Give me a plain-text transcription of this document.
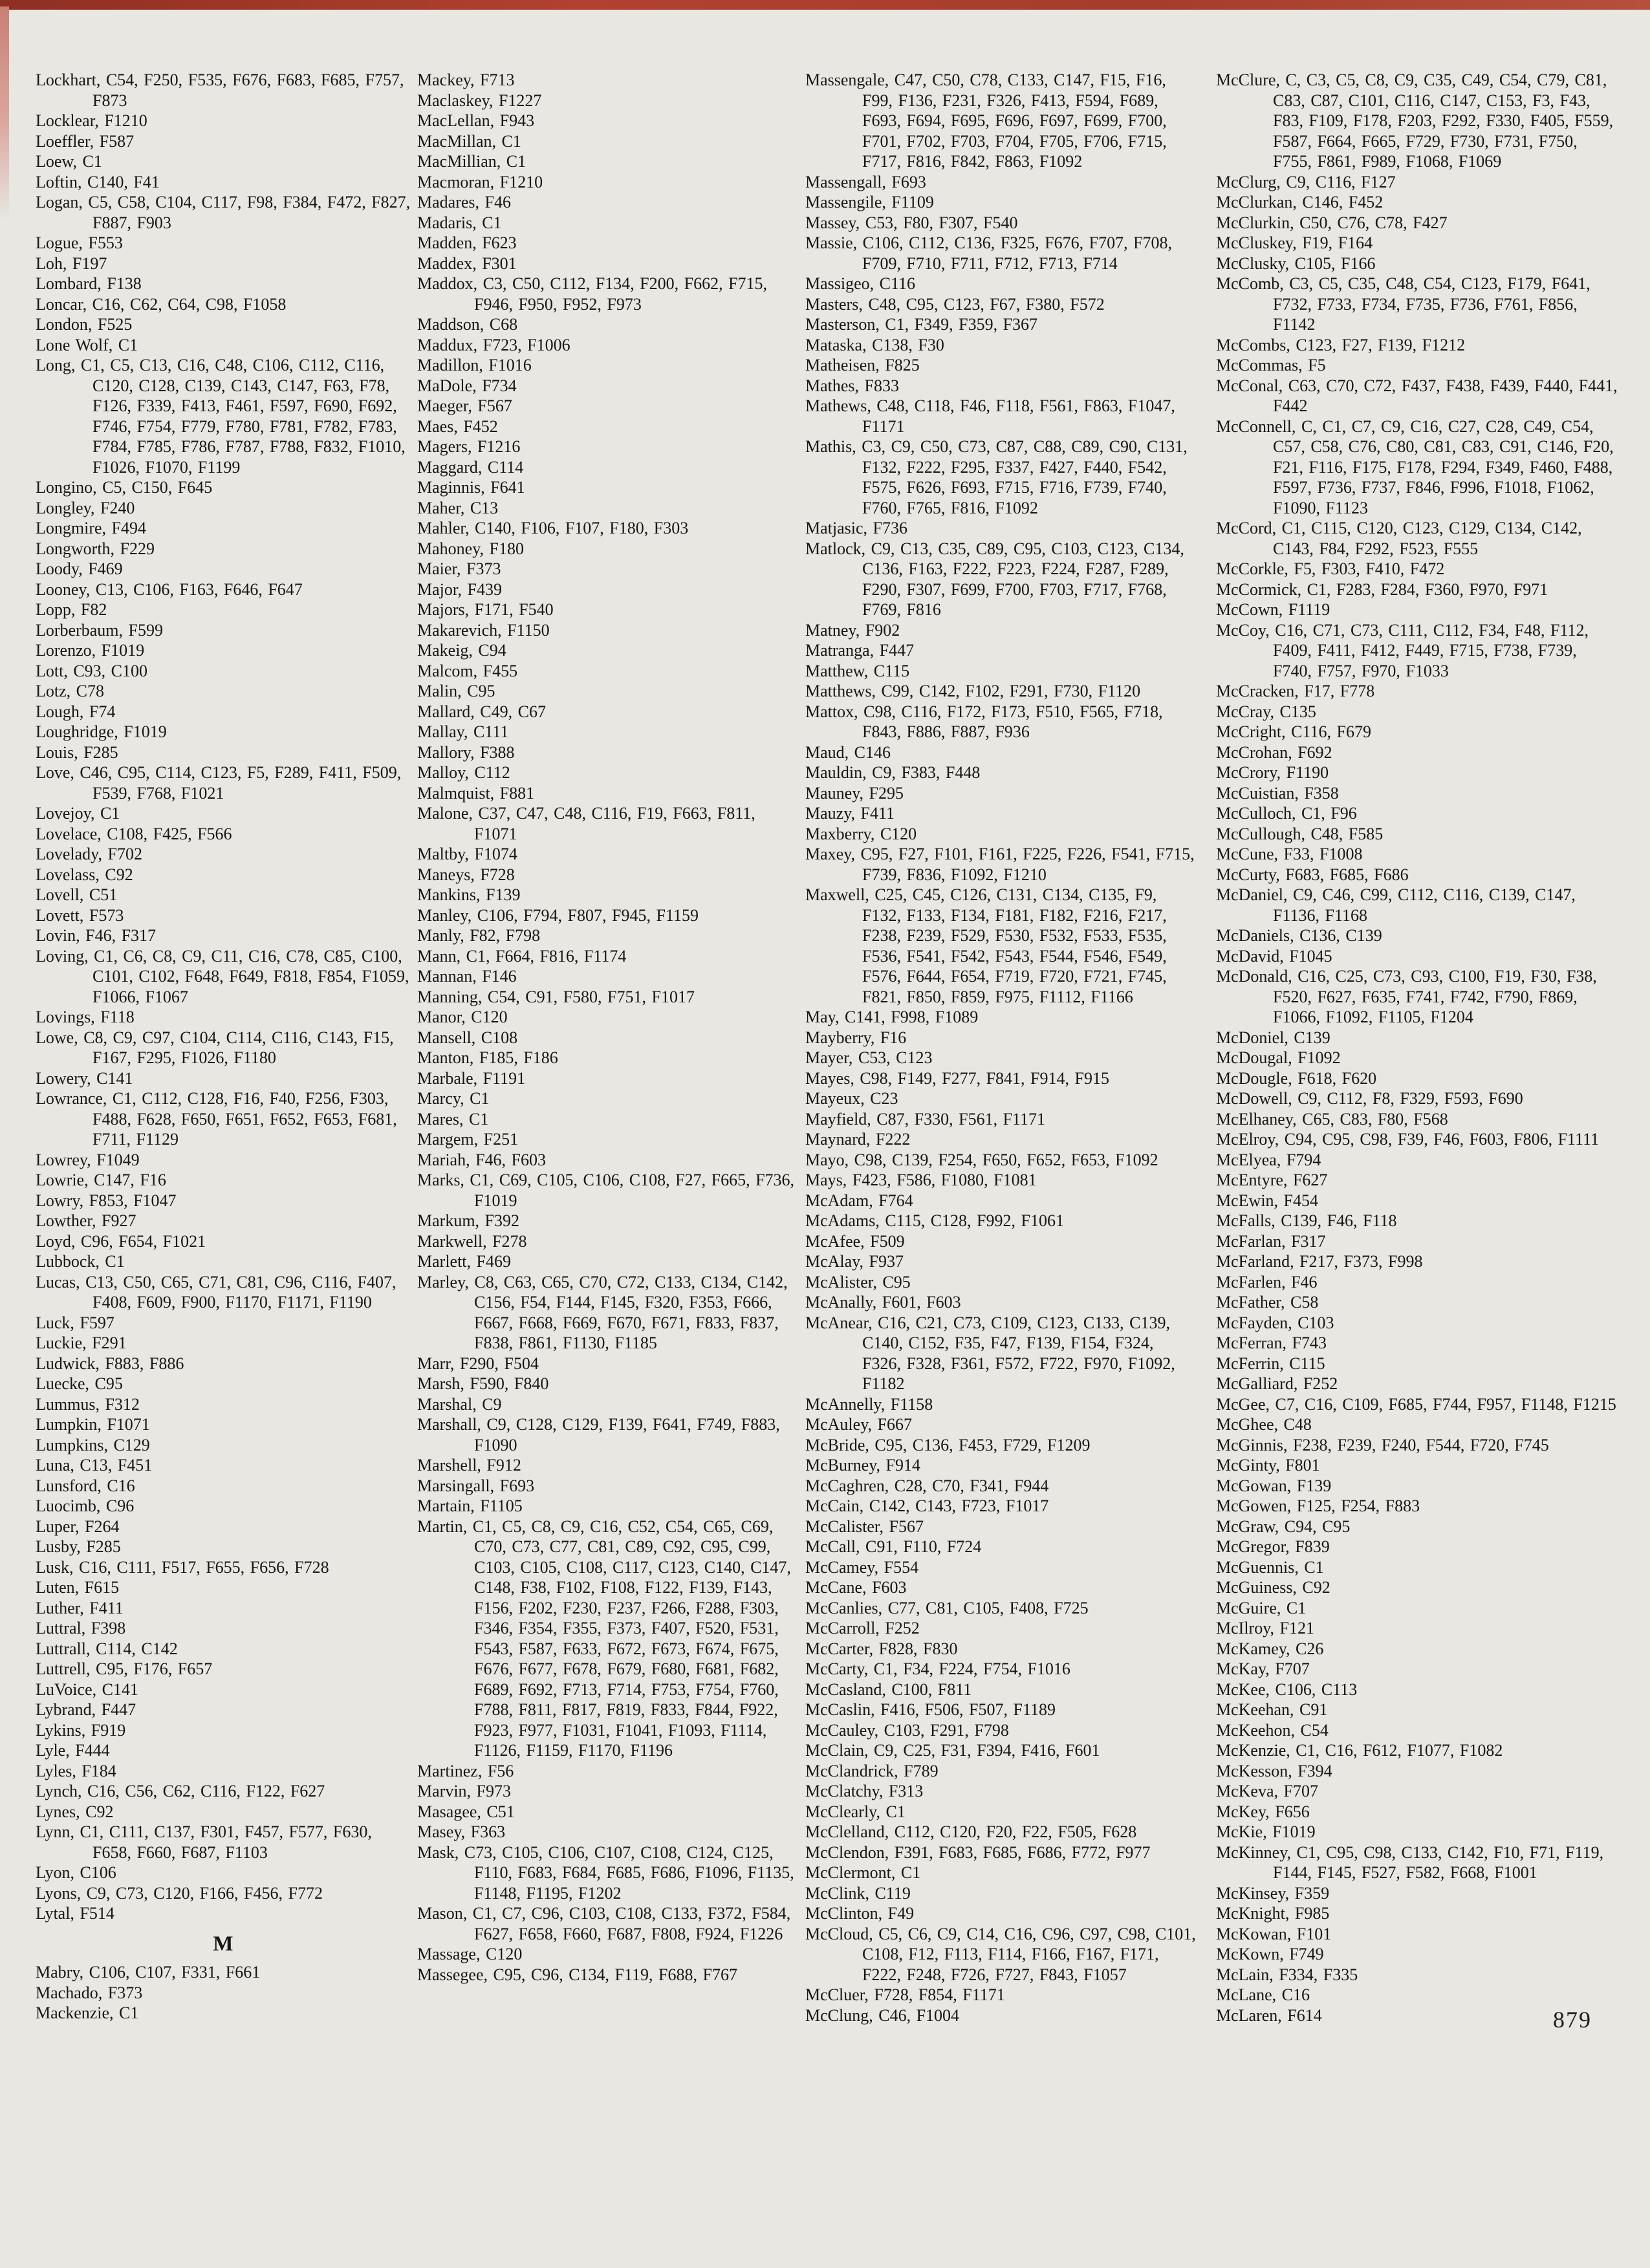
Lockhart, C54, F250, F535, F676, F683, F685, F757, F873
Locklear, F1210
Loeffler, F587
Loew, C1
Loftin, C140, F41
Logan, C5, C58, C104, C117, F98, F384, F472, F827, F887, F903
Logue, F553
Loh, F197
Lombard, F138
Loncar, C16, C62, C64, C98, F1058
London, F525
Lone Wolf, C1
Long, C1, C5, C13, C16, C48, C106, C112, C116, C120, C128, C139, C143, C147, F63, F78, F126, F339, F413, F461, F597, F690, F692, F746, F754, F779, F780, F781, F782, F783, F784, F785, F786, F787, F788, F832, F1010, F1026, F1070, F1199
Longino, C5, C150, F645
Longley, F240
Longmire, F494
Longworth, F229
Loody, F469
Looney, C13, C106, F163, F646, F647
Lopp, F82
Lorberbaum, F599
Lorenzo, F1019
Lott, C93, C100
Lotz, C78
Lough, F74
Loughridge, F1019
Louis, F285
Love, C46, C95, C114, C123, F5, F289, F411, F509, F539, F768, F1021
Lovejoy, C1
Lovelace, C108, F425, F566
Lovelady, F702
Lovelass, C92
Lovell, C51
Lovett, F573
Lovin, F46, F317
Loving, C1, C6, C8, C9, C11, C16, C78, C85, C100, C101, C102, F648, F649, F818, F854, F1059, F1066, F1067
Lovings, F118
Lowe, C8, C9, C97, C104, C114, C116, C143, F15, F167, F295, F1026, F1180
Lowery, C141
Lowrance, C1, C112, C128, F16, F40, F256, F303, F488, F628, F650, F651, F652, F653, F681, F711, F1129
Lowrey, F1049
Lowrie, C147, F16
Lowry, F853, F1047
Lowther, F927
Loyd, C96, F654, F1021
Lubbock, C1
Lucas, C13, C50, C65, C71, C81, C96, C116, F407, F408, F609, F900, F1170, F1171, F1190
Luck, F597
Luckie, F291
Ludwick, F883, F886
Luecke, C95
Lummus, F312
Lumpkin, F1071
Lumpkins, C129
Luna, C13, F451
Lunsford, C16
Luocimb, C96
Luper, F264
Lusby, F285
Lusk, C16, C111, F517, F655, F656, F728
Luten, F615
Luther, F411
Luttral, F398
Luttrall, C114, C142
Luttrell, C95, F176, F657
LuVoice, C141
Lybrand, F447
Lykins, F919
Lyle, F444
Lyles, F184
Lynch, C16, C56, C62, C116, F122, F627
Lynes, C92
Lynn, C1, C111, C137, F301, F457, F577, F630, F658, F660, F687, F1103
Lyon, C106
Lyons, C9, C73, C120, F166, F456, F772
Lytal, F514
M
Mabry, C106, C107, F331, F661
Machado, F373
Mackenzie, C1
Mackey, F713
Maclaskey, F1227
MacLellan, F943
MacMillan, C1
MacMillian, C1
Macmoran, F1210
Madares, F46
Madaris, C1
Madden, F623
Maddex, F301
Maddox, C3, C50, C112, F134, F200, F662, F715, F946, F950, F952, F973
Maddson, C68
Maddux, F723, F1006
Madillon, F1016
MaDole, F734
Maeger, F567
Maes, F452
Magers, F1216
Maggard, C114
Maginnis, F641
Maher, C13
Mahler, C140, F106, F107, F180, F303
Mahoney, F180
Maier, F373
Major, F439
Majors, F171, F540
Makarevich, F1150
Makeig, C94
Malcom, F455
Malin, C95
Mallard, C49, C67
Mallay, C111
Mallory, F388
Malloy, C112
Malmquist, F881
Malone, C37, C47, C48, C116, F19, F663, F811, F1071
Maltby, F1074
Maneys, F728
Mankins, F139
Manley, C106, F794, F807, F945, F1159
Manly, F82, F798
Mann, C1, F664, F816, F1174
Mannan, F146
Manning, C54, C91, F580, F751, F1017
Manor, C120
Mansell, C108
Manton, F185, F186
Marbale, F1191
Marcy, C1
Mares, C1
Margem, F251
Mariah, F46, F603
Marks, C1, C69, C105, C106, C108, F27, F665, F736, F1019
Markum, F392
Markwell, F278
Marlett, F469
Marley, C8, C63, C65, C70, C72, C133, C134, C142, C156, F54, F144, F145, F320, F353, F666, F667, F668, F669, F670, F671, F833, F837, F838, F861, F1130, F1185
Marr, F290, F504
Marsh, F590, F840
Marshal, C9
Marshall, C9, C128, C129, F139, F641, F749, F883, F1090
Marshell, F912
Marsingall, F693
Martain, F1105
Martin, C1, C5, C8, C9, C16, C52, C54, C65, C69, C70, C73, C77, C81, C89, C92, C95, C99, C103, C105, C108, C117, C123, C140, C147, C148, F38, F102, F108, F122, F139, F143, F156, F202, F230, F237, F266, F288, F303, F346, F354, F355, F373, F407, F520, F531, F543, F587, F633, F672, F673, F674, F675, F676, F677, F678, F679, F680, F681, F682, F689, F692, F713, F714, F753, F754, F760, F788, F811, F817, F819, F833, F844, F922, F923, F977, F1031, F1041, F1093, F1114, F1126, F1159, F1170, F1196
Martinez, F56
Marvin, F973
Masagee, C51
Masey, F363
Mask, C73, C105, C106, C107, C108, C124, C125, F110, F683, F684, F685, F686, F1096, F1135, F1148, F1195, F1202
Mason, C1, C7, C96, C103, C108, C133, F372, F584, F627, F658, F660, F687, F808, F924, F1226
Massage, C120
Massegee, C95, C96, C134, F119, F688, F767
Massengale, C47, C50, C78, C133, C147, F15, F16, F99, F136, F231, F326, F413, F594, F689, F693, F694, F695, F696, F697, F699, F700, F701, F702, F703, F704, F705, F706, F715, F717, F816, F842, F863, F1092
Massengall, F693
Massengile, F1109
Massey, C53, F80, F307, F540
Massie, C106, C112, C136, F325, F676, F707, F708, F709, F710, F711, F712, F713, F714
Massigeo, C116
Masters, C48, C95, C123, F67, F380, F572
Masterson, C1, F349, F359, F367
Mataska, C138, F30
Matheisen, F825
Mathes, F833
Mathews, C48, C118, F46, F118, F561, F863, F1047, F1171
Mathis, C3, C9, C50, C73, C87, C88, C89, C90, C131, F132, F222, F295, F337, F427, F440, F542, F575, F626, F693, F715, F716, F739, F740, F760, F765, F816, F1092
Matjasic, F736
Matlock, C9, C13, C35, C89, C95, C103, C123, C134, C136, F163, F222, F223, F224, F287, F289, F290, F307, F699, F700, F703, F717, F768, F769, F816
Matney, F902
Matranga, F447
Matthew, C115
Matthews, C99, C142, F102, F291, F730, F1120
Mattox, C98, C116, F172, F173, F510, F565, F718, F843, F886, F887, F936
Maud, C146
Mauldin, C9, F383, F448
Mauney, F295
Mauzy, F411
Maxberry, C120
Maxey, C95, F27, F101, F161, F225, F226, F541, F715, F739, F836, F1092, F1210
Maxwell, C25, C45, C126, C131, C134, C135, F9, F132, F133, F134, F181, F182, F216, F217, F238, F239, F529, F530, F532, F533, F535, F536, F541, F542, F543, F544, F546, F549, F576, F644, F654, F719, F720, F721, F745, F821, F850, F859, F975, F1112, F1166
May, C141, F998, F1089
Mayberry, F16
Mayer, C53, C123
Mayes, C98, F149, F277, F841, F914, F915
Mayeux, C23
Mayfield, C87, F330, F561, F1171
Maynard, F222
Mayo, C98, C139, F254, F650, F652, F653, F1092
Mays, F423, F586, F1080, F1081
McAdam, F764
McAdams, C115, C128, F992, F1061
McAfee, F509
McAlay, F937
McAlister, C95
McAnally, F601, F603
McAnear, C16, C21, C73, C109, C123, C133, C139, C140, C152, F35, F47, F139, F154, F324, F326, F328, F361, F572, F722, F970, F1092, F1182
McAnnelly, F1158
McAuley, F667
McBride, C95, C136, F453, F729, F1209
McBurney, F914
McCaghren, C28, C70, F341, F944
McCain, C142, C143, F723, F1017
McCalister, F567
McCall, C91, F110, F724
McCamey, F554
McCane, F603
McCanlies, C77, C81, C105, F408, F725
McCarroll, F252
McCarter, F828, F830
McCarty, C1, F34, F224, F754, F1016
McCasland, C100, F811
McCaslin, F416, F506, F507, F1189
McCauley, C103, F291, F798
McClain, C9, C25, F31, F394, F416, F601
McClandrick, F789
McClatchy, F313
McClearly, C1
McClelland, C112, C120, F20, F22, F505, F628
McClendon, F391, F683, F685, F686, F772, F977
McClermont, C1
McClink, C119
McClinton, F49
McCloud, C5, C6, C9, C14, C16, C96, C97, C98, C101, C108, F12, F113, F114, F166, F167, F171, F222, F248, F726, F727, F843, F1057
McCluer, F728, F854, F1171
McClung, C46, F1004
McClure, C, C3, C5, C8, C9, C35, C49, C54, C79, C81, C83, C87, C101, C116, C147, C153, F3, F43, F83, F109, F178, F203, F292, F330, F405, F559, F587, F664, F665, F729, F730, F731, F750, F755, F861, F989, F1068, F1069
McClurg, C9, C116, F127
McClurkan, C146, F452
McClurkin, C50, C76, C78, F427
McCluskey, F19, F164
McClusky, C105, F166
McComb, C3, C5, C35, C48, C54, C123, F179, F641, F732, F733, F734, F735, F736, F761, F856, F1142
McCombs, C123, F27, F139, F1212
McCommas, F5
McConal, C63, C70, C72, F437, F438, F439, F440, F441, F442
McConnell, C, C1, C7, C9, C16, C27, C28, C49, C54, C57, C58, C76, C80, C81, C83, C91, C146, F20, F21, F116, F175, F178, F294, F349, F460, F488, F597, F736, F737, F846, F996, F1018, F1062, F1090, F1123
McCord, C1, C115, C120, C123, C129, C134, C142, C143, F84, F292, F523, F555
McCorkle, F5, F303, F410, F472
McCormick, C1, F283, F284, F360, F970, F971
McCown, F1119
McCoy, C16, C71, C73, C111, C112, F34, F48, F112, F409, F411, F412, F449, F715, F738, F739, F740, F757, F970, F1033
McCracken, F17, F778
McCray, C135
McCright, C116, F679
McCrohan, F692
McCrory, F1190
McCuistian, F358
McCulloch, C1, F96
McCullough, C48, F585
McCune, F33, F1008
McCurty, F683, F685, F686
McDaniel, C9, C46, C99, C112, C116, C139, C147, F1136, F1168
McDaniels, C136, C139
McDavid, F1045
McDonald, C16, C25, C73, C93, C100, F19, F30, F38, F520, F627, F635, F741, F742, F790, F869, F1066, F1092, F1105, F1204
McDoniel, C139
McDougal, F1092
McDougle, F618, F620
McDowell, C9, C112, F8, F329, F593, F690
McElhaney, C65, C83, F80, F568
McElroy, C94, C95, C98, F39, F46, F603, F806, F1111
McElyea, F794
McEntyre, F627
McEwin, F454
McFalls, C139, F46, F118
McFarlan, F317
McFarland, F217, F373, F998
McFarlen, F46
McFather, C58
McFayden, C103
McFerran, F743
McFerrin, C115
McGalliard, F252
McGee, C7, C16, C109, F685, F744, F957, F1148, F1215
McGhee, C48
McGinnis, F238, F239, F240, F544, F720, F745
McGinty, F801
McGowan, F139
McGowen, F125, F254, F883
McGraw, C94, C95
McGregor, F839
McGuennis, C1
McGuiness, C92
McGuire, C1
McIlroy, F121
McKamey, C26
McKay, F707
McKee, C106, C113
McKeehan, C91
McKeehon, C54
McKenzie, C1, C16, F612, F1077, F1082
McKesson, F394
McKeva, F707
McKey, F656
McKie, F1019
McKinney, C1, C95, C98, C133, C142, F10, F71, F119, F144, F145, F527, F582, F668, F1001
McKinsey, F359
McKnight, F985
McKowan, F101
McKown, F749
McLain, F334, F335
McLane, C16
McLaren, F614	879
